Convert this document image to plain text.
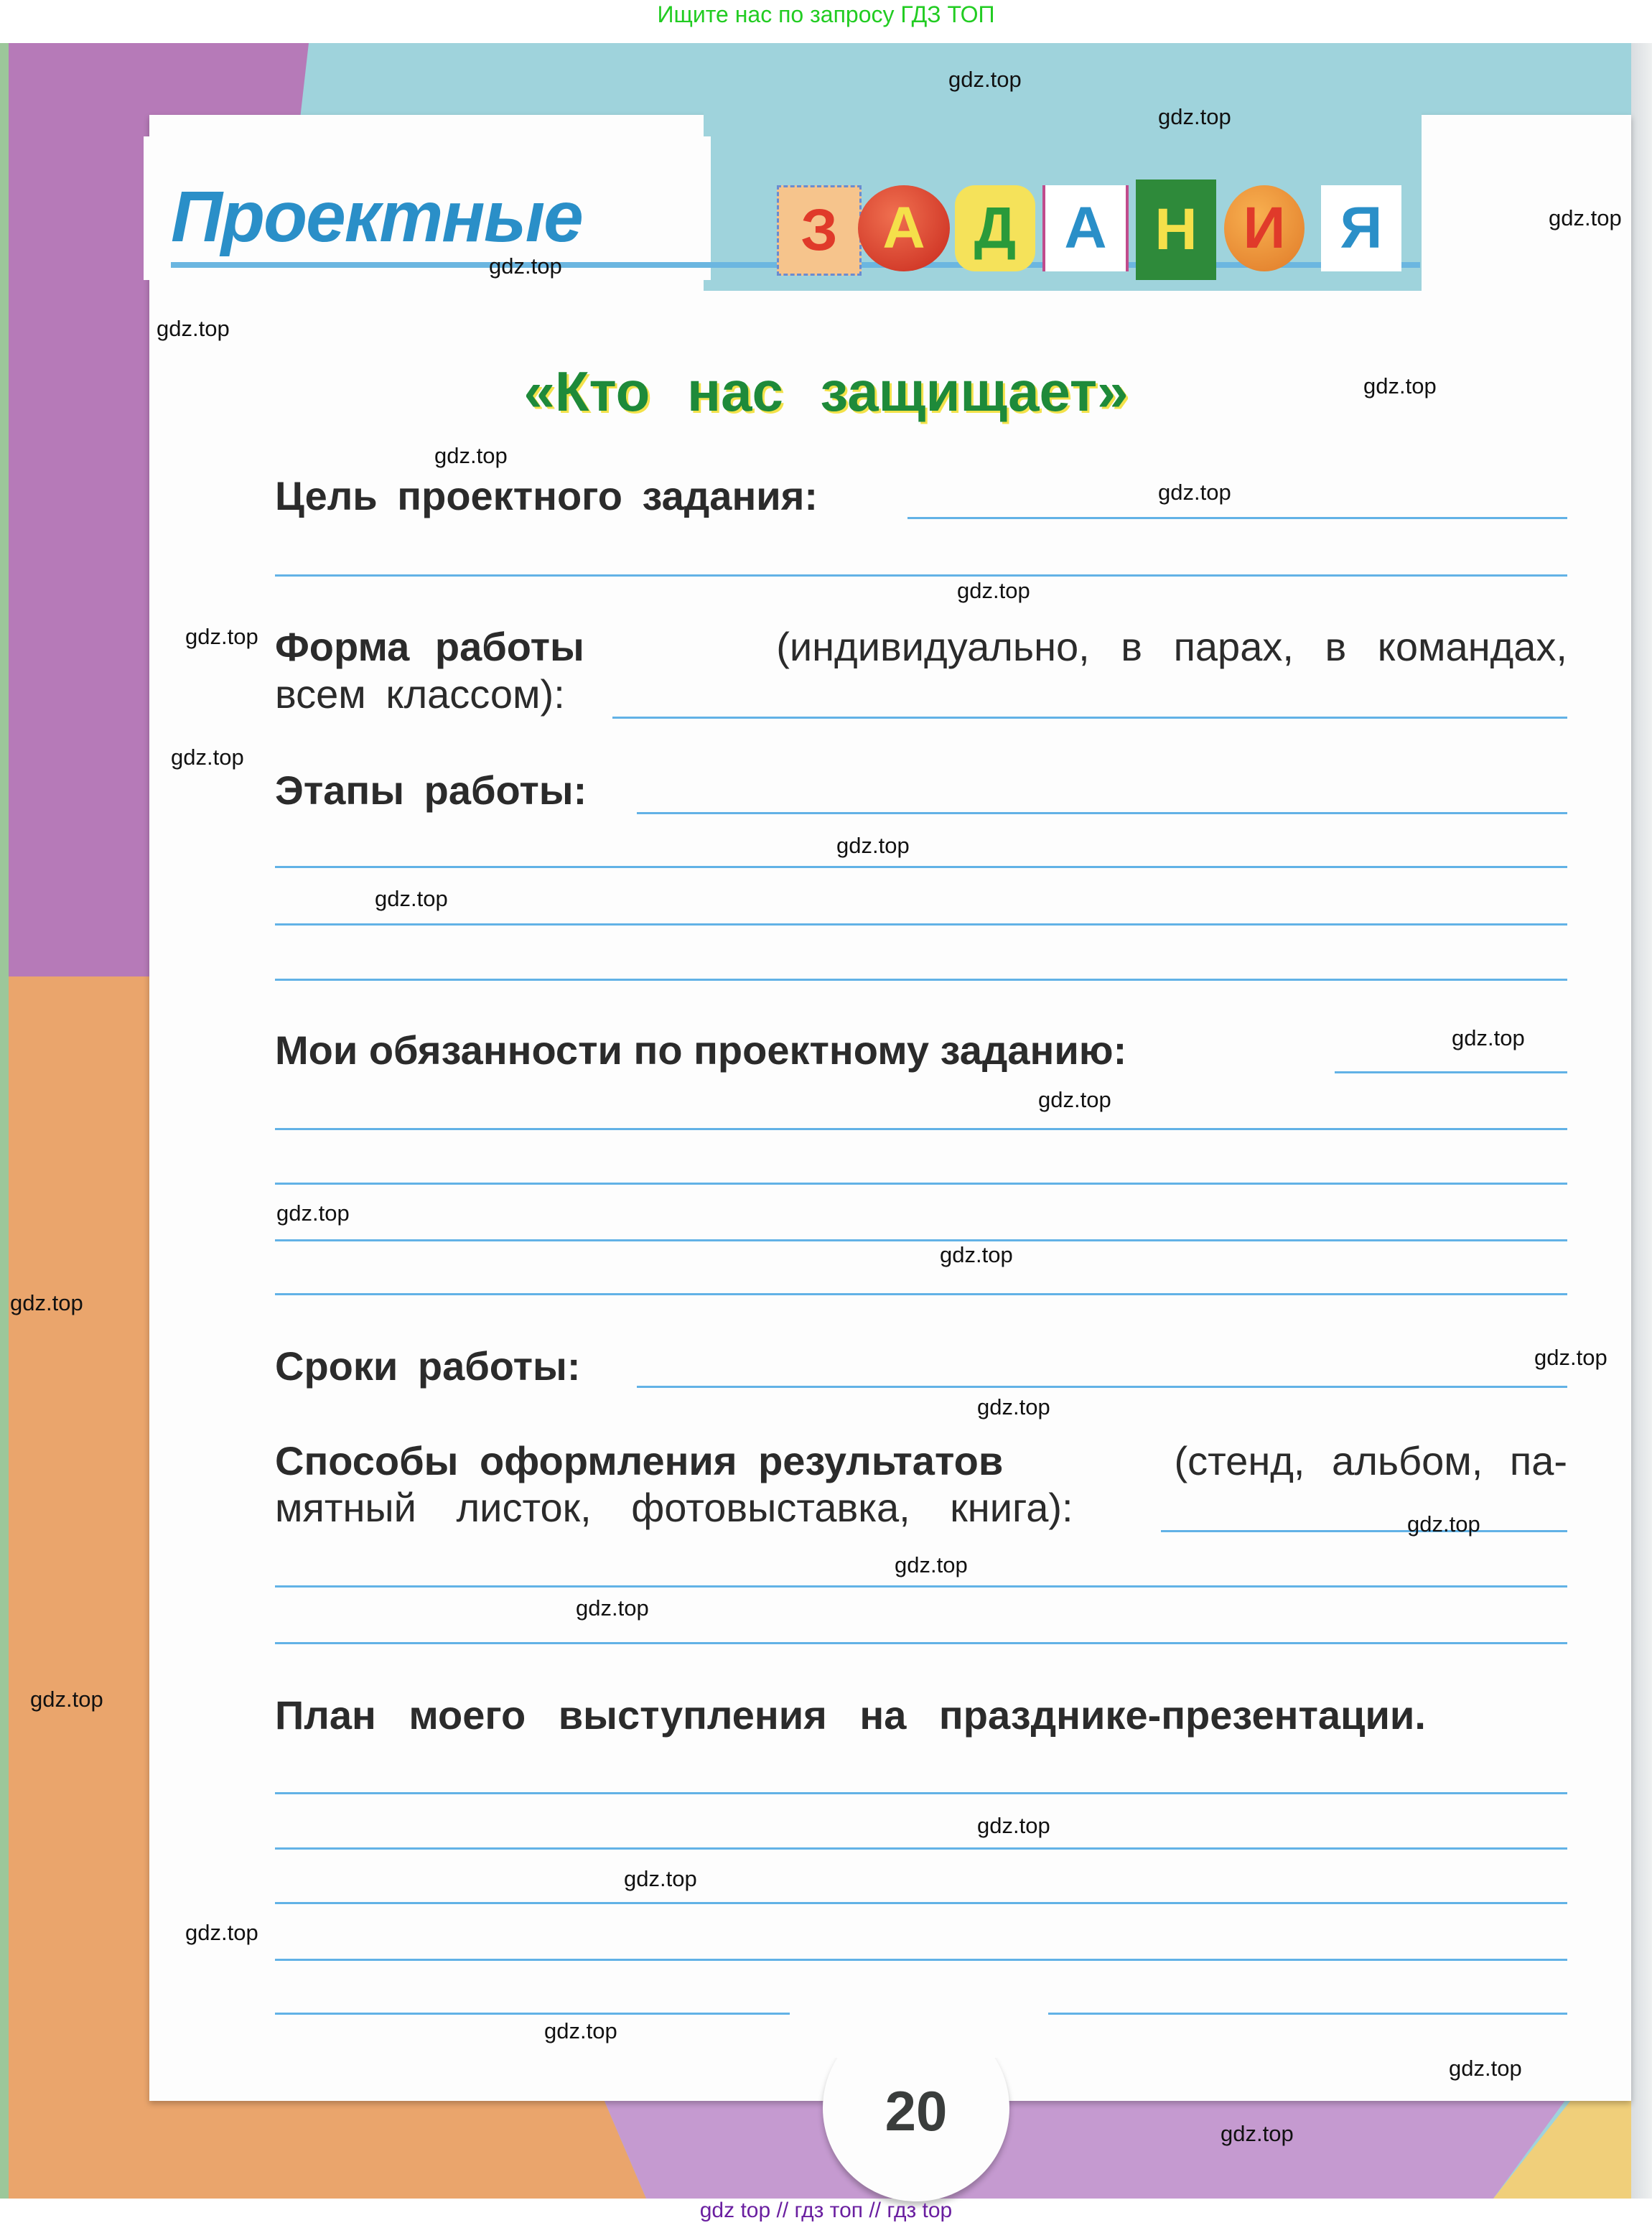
Ищите нас по запросу ГДЗ ТОП
Проектные	З А Д А Н И Я
«Кто нас защищает»
Цель проектного задания:
Форма работы	(индивидуально, в парах, в командах,
всем классом):
Этапы работы:
Мои обязанности по проектному заданию:
Сроки работы:
Способы оформления результатов	(стенд, альбом, па-
мятный листок, фотовыставка, книга):
План моего выступления на празднике-презентации.
20
gdz.top
gdz.top
gdz.top
gdz.top
gdz.top
gdz.top
gdz.top
gdz.top
gdz.top
gdz.top
gdz.top
gdz.top
gdz.top
gdz.top
gdz.top
gdz.top
gdz.top
gdz.top
gdz.top
gdz.top
gdz.top
gdz.top
gdz.top
gdz.top
gdz.top
gdz.top
gdz.top
gdz.top
gdz.top
gdz.top
gdz top // гдз топ // гдз top
